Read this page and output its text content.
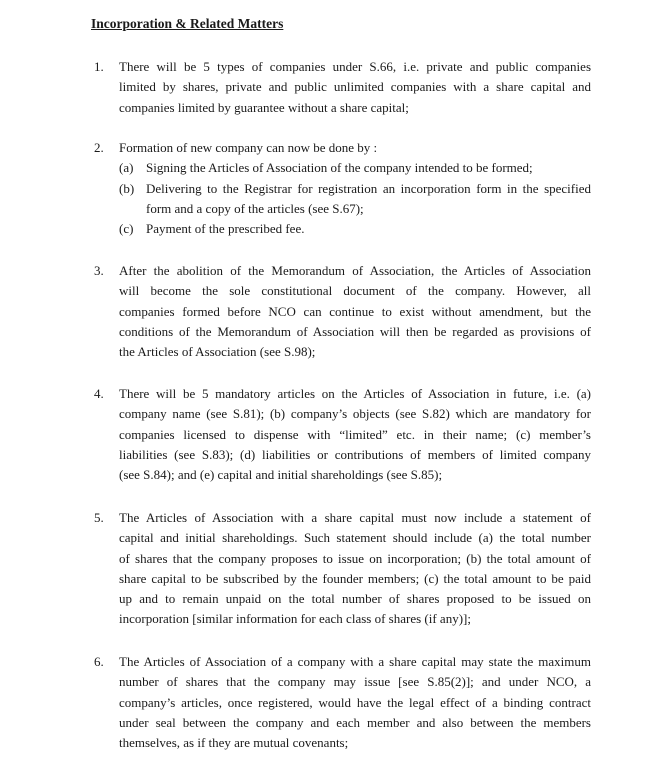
Incorporation & Related Matters
1. There will be 5 types of companies under S.66, i.e. private and public companies
limited by shares, private and public unlimited companies with a share capital and
companies limited by guarantee without a share capital;
2. Formation of new company can now be done by :
(a) Signing the Articles of Association of the company intended to be formed;
(b) Delivering to the Registrar for registration an incorporation form in the specified
form and a copy of the articles (see S.67);
(c) Payment of the prescribed fee.
3. After the abolition of the Memorandum of Association, the Articles of Association
will become the sole constitutional document of the company. However, all
companies formed before NCO can continue to exist without amendment, but the
conditions of the Memorandum of Association will then be regarded as provisions of
the Articles of Association (see S.98);
4. There will be 5 mandatory articles on the Articles of Association in future, i.e. (a)
company name (see S.81); (b) company’s objects (see S.82) which are mandatory for
companies licensed to dispense with “limited” etc. in their name; (c) member’s
liabilities (see S.83); (d) liabilities or contributions of members of limited company
(see S.84); and (e) capital and initial shareholdings (see S.85);
5. The Articles of Association with a share capital must now include a statement of
capital and initial shareholdings. Such statement should include (a) the total number
of shares that the company proposes to issue on incorporation; (b) the total amount of
share capital to be subscribed by the founder members; (c) the total amount to be paid
up and to remain unpaid on the total number of shares proposed to be issued on
incorporation [similar information for each class of shares (if any)];
6. The Articles of Association of a company with a share capital may state the maximum
number of shares that the company may issue [see S.85(2)]; and under NCO, a
company’s articles, once registered, would have the legal effect of a binding contract
under seal between the company and each member and also between the members
themselves, as if they are mutual covenants;
